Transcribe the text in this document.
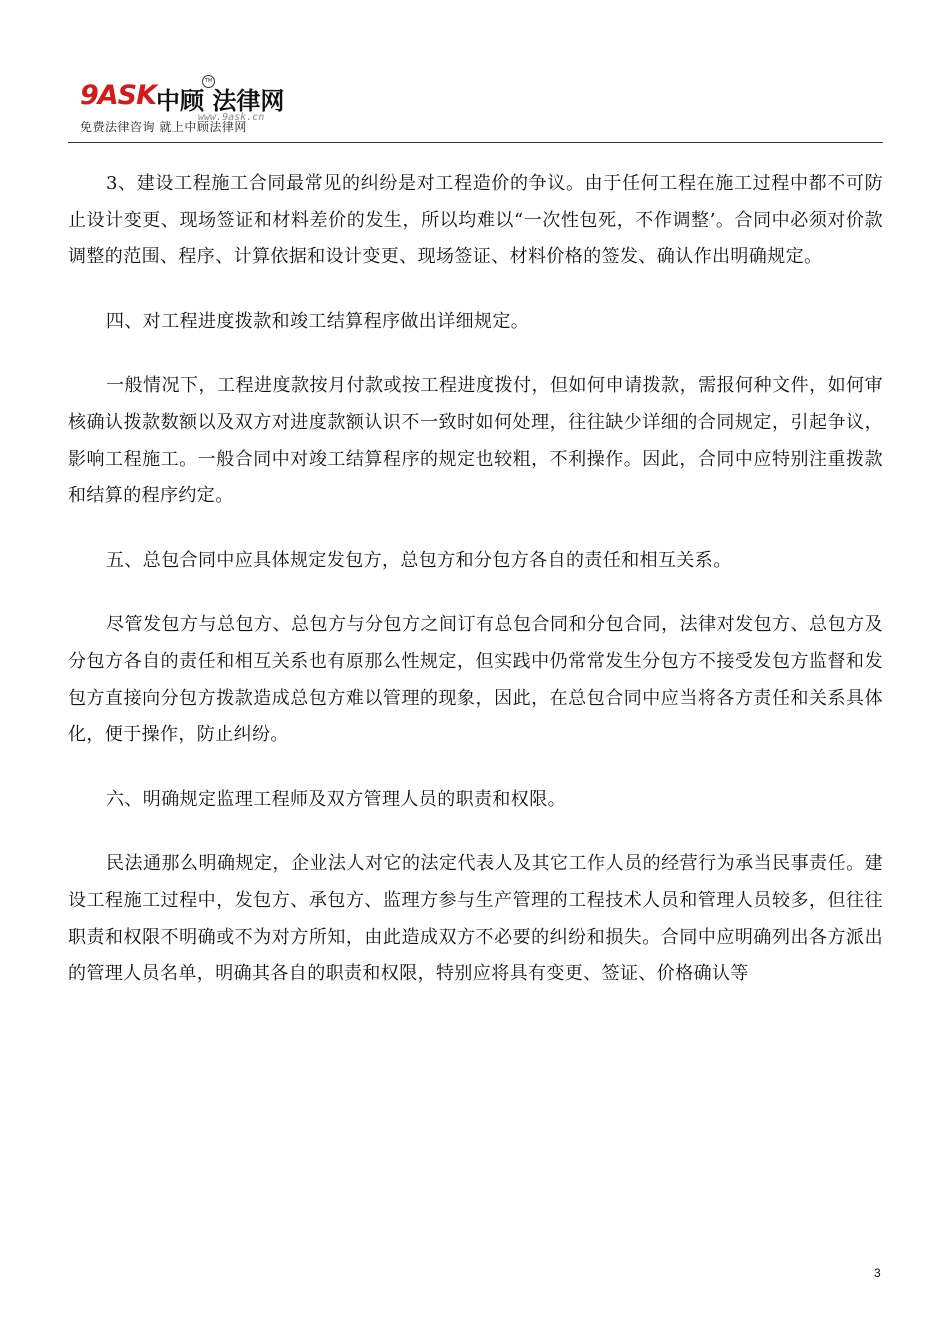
9ASK 中顾 法律网
TM
www.9ask.cn
免费法律咨询 就上中顾法律网

3、建设工程施工合同最常见的纠纷是对工程造价的争议。由于任何工程在施工过程中都不可防止设计变更、现场签证和材料差价的发生，所以均难以“一次性包死，不作调整’。合同中必须对价款调整的范围、程序、计算依据和设计变更、现场签证、材料价格的签发、确认作出明确规定。

四、对工程进度拨款和竣工结算程序做出详细规定。

一般情况下，工程进度款按月付款或按工程进度拨付，但如何申请拨款，需报何种文件，如何审核确认拨款数额以及双方对进度款额认识不一致时如何处理，往往缺少详细的合同规定，引起争议，影响工程施工。一般合同中对竣工结算程序的规定也较粗，不利操作。因此，合同中应特别注重拨款和结算的程序约定。

五、总包合同中应具体规定发包方，总包方和分包方各自的责任和相互关系。

尽管发包方与总包方、总包方与分包方之间订有总包合同和分包合同，法律对发包方、总包方及分包方各自的责任和相互关系也有原那么性规定，但实践中仍常常发生分包方不接受发包方监督和发包方直接向分包方拨款造成总包方难以管理的现象，因此，在总包合同中应当将各方责任和关系具体化，便于操作，防止纠纷。

六、明确规定监理工程师及双方管理人员的职责和权限。

民法通那么明确规定，企业法人对它的法定代表人及其它工作人员的经营行为承当民事责任。建设工程施工过程中，发包方、承包方、监理方参与生产管理的工程技术人员和管理人员较多，但往往职责和权限不明确或不为对方所知，由此造成双方不必要的纠纷和损失。合同中应明确列出各方派出的管理人员名单，明确其各自的职责和权限，特别应将具有变更、签证、价格确认等

3
